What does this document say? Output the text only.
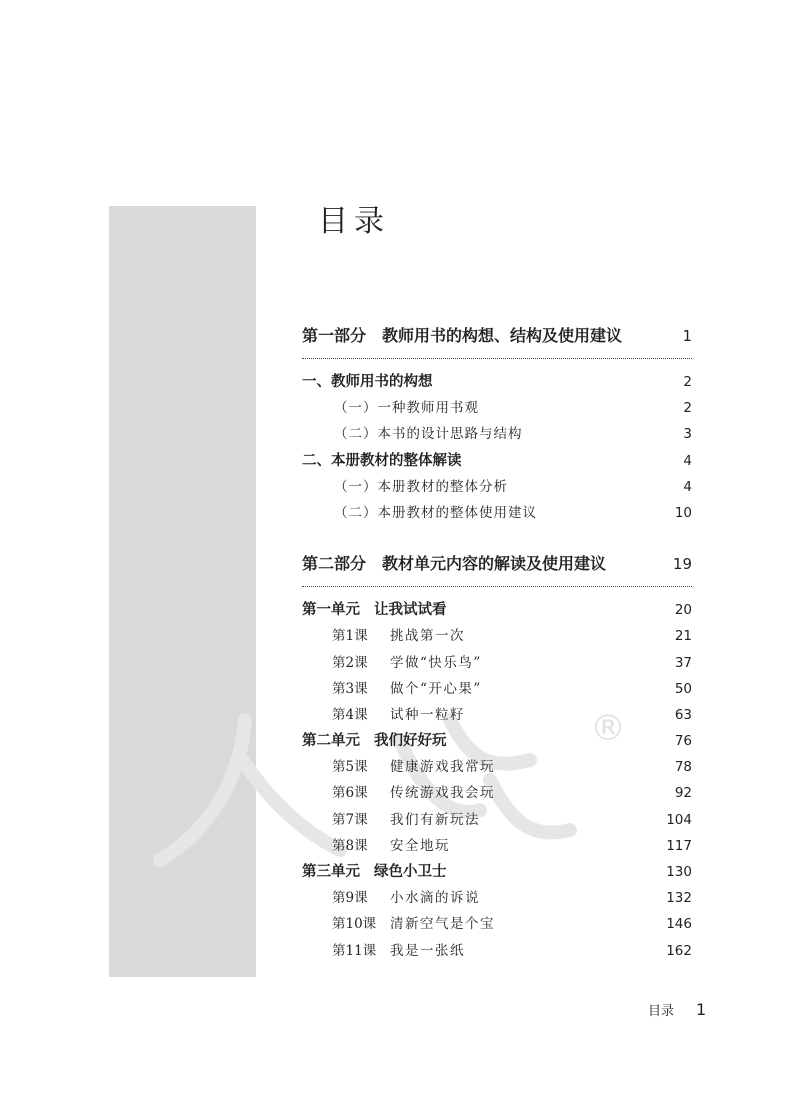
®
目录
第一部分  教师用书的构想、结构及使用建议	1
一、教师用书的构想	2
（一）一种教师用书观	2
（二）本书的设计思路与结构	3
二、本册教材的整体解读	4
（一）本册教材的整体分析	4
（二）本册教材的整体使用建议	10
第二部分  教材单元内容的解读及使用建议	19
第一单元 让我试试看	20
第1课 挑战第一次	21
第2课 学做“快乐鸟”	37
第3课 做个“开心果”	50
第4课 试种一粒籽	63
第二单元 我们好好玩	76
第5课 健康游戏我常玩	78
第6课 传统游戏我会玩	92
第7课 我们有新玩法	104
第8课 安全地玩	117
第三单元 绿色小卫士	130
第9课 小水滴的诉说	132
第10课 清新空气是个宝	146
第11课 我是一张纸	162
目录 1
